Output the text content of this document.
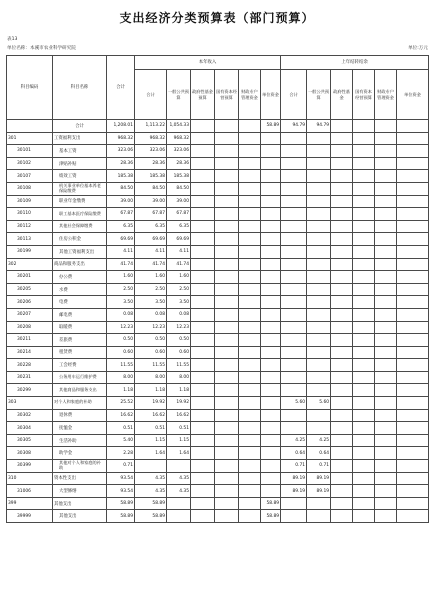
支出经济分类预算表（部门预算）
表13
单位名称：本溪市农业科学研究院	单位:万元
科目编码	科目名称	合计	本年收入						上年结转结余					
			合计	一般公共预算	政府性基金预算	国有资本经营预算	财政专户管理资金	单位资金	合计	一般公共预算	政府性基金	国有资本经营预算	财政专户管理资金	单位资金
	合计	1,208.01	1,113.22	1,054.33				58.89	94.79	94.79				
301	工资福利支出	968.32	968.32	968.32										
30101	基本工资	323.06	323.06	323.06										
30102	津贴补贴	28.36	28.36	28.36										
30107	绩效工资	185.38	185.38	185.38										
30108	机关事业单位基本养老保险缴费	84.50	84.50	84.50										
30109	职业年金缴费	39.00	39.00	39.00										
30110	职工基本医疗保险缴费	67.87	67.87	67.87										
30112	其他社会保障缴费	6.35	6.35	6.35										
30113	住房公积金	69.69	69.69	69.69										
30199	其他工资福利支出	4.11	4.11	4.11										
302	商品和服务支出	41.74	41.74	41.74										
30201	办公费	1.60	1.60	1.60										
30205	水费	2.50	2.50	2.50										
30206	电费	3.50	3.50	3.50										
30207	邮电费	0.08	0.08	0.08										
30208	取暖费	12.23	12.23	12.23										
30211	差旅费	0.50	0.50	0.50										
30214	租赁费	0.60	0.60	0.60										
30228	工会经费	11.55	11.55	11.55										
30231	公务用车运行维护费	8.00	8.00	8.00										
30299	其他商品和服务支出	1.18	1.18	1.18										
303	对个人和家庭的补助	25.52	19.92	19.92					5.60	5.60				
30302	退休费	16.62	16.62	16.62										
30304	抚恤金	0.51	0.51	0.51										
30305	生活补助	5.40	1.15	1.15					4.25	4.25				
30308	助学金	2.28	1.64	1.64					0.64	0.64				
30399	其他对个人和家庭的补助	0.71							0.71	0.71				
310	资本性支出	93.54	4.35	4.35					89.19	89.19				
31006	大型修缮	93.54	4.35	4.35					89.19	89.19				
399	其他支出	58.89	58.89					58.89						
39999	其他支出	58.89	58.89					58.89						
